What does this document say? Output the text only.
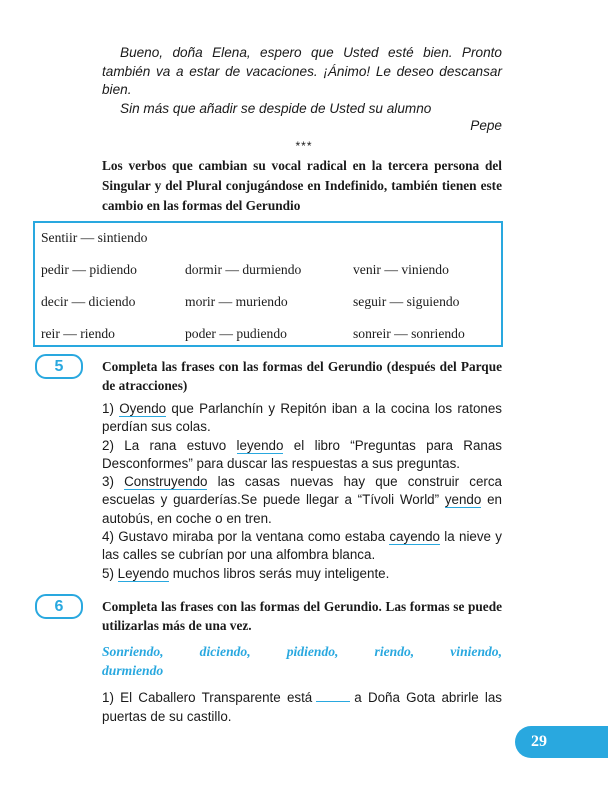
Bueno, doña Elena, espero que Usted esté bien. Pronto también va a estar de vacaciones. ¡Ánimo! Le deseo descansar bien.
Sin más que añadir se despide de Usted su alumno
Pepe
***
Los verbos que cambian su vocal radical en la tercera persona del Singular y del Plural conjugándose en Indefinido, también tienen este cambio en las formas del Gerundio
Sentiir — sintiendo
pedir — pidiendo	dormir — durmiendo	venir — viniendo
decir — diciendo	morir — muriendo	seguir — siguiendo
reir — riendo	poder — pudiendo	sonreir — sonriendo
5	Completa las frases con las formas del Gerundio (después del Parque de atracciones)

1) Oyendo que Parlanchín y Repitón iban a la cocina los ratones perdían sus colas.

2) La rana estuvo leyendo el libro “Preguntas para Ranas Desconformes” para duscar las respuestas a sus preguntas.

3) Construyendo las casas nuevas hay que construir cerca escuelas y guarderías.Se puede llegar a “Tívoli World” yendo en autobús, en coche o en tren.

4) Gustavo miraba por la ventana como estaba cayendo la nieve y las calles se cubrían por una alfombra blanca.

5) Leyendo muchos libros serás muy inteligente.

6	Completa las frases con las formas del Gerundio. Las formas se puede utilizarlas más de una vez.
Sonriendo,	diciendo,	pidiendo,	riendo,	viniendo,
durmiendo
1) El Caballero Transparente está	a Doña Gota abrirle las puertas de su castillo.
29
